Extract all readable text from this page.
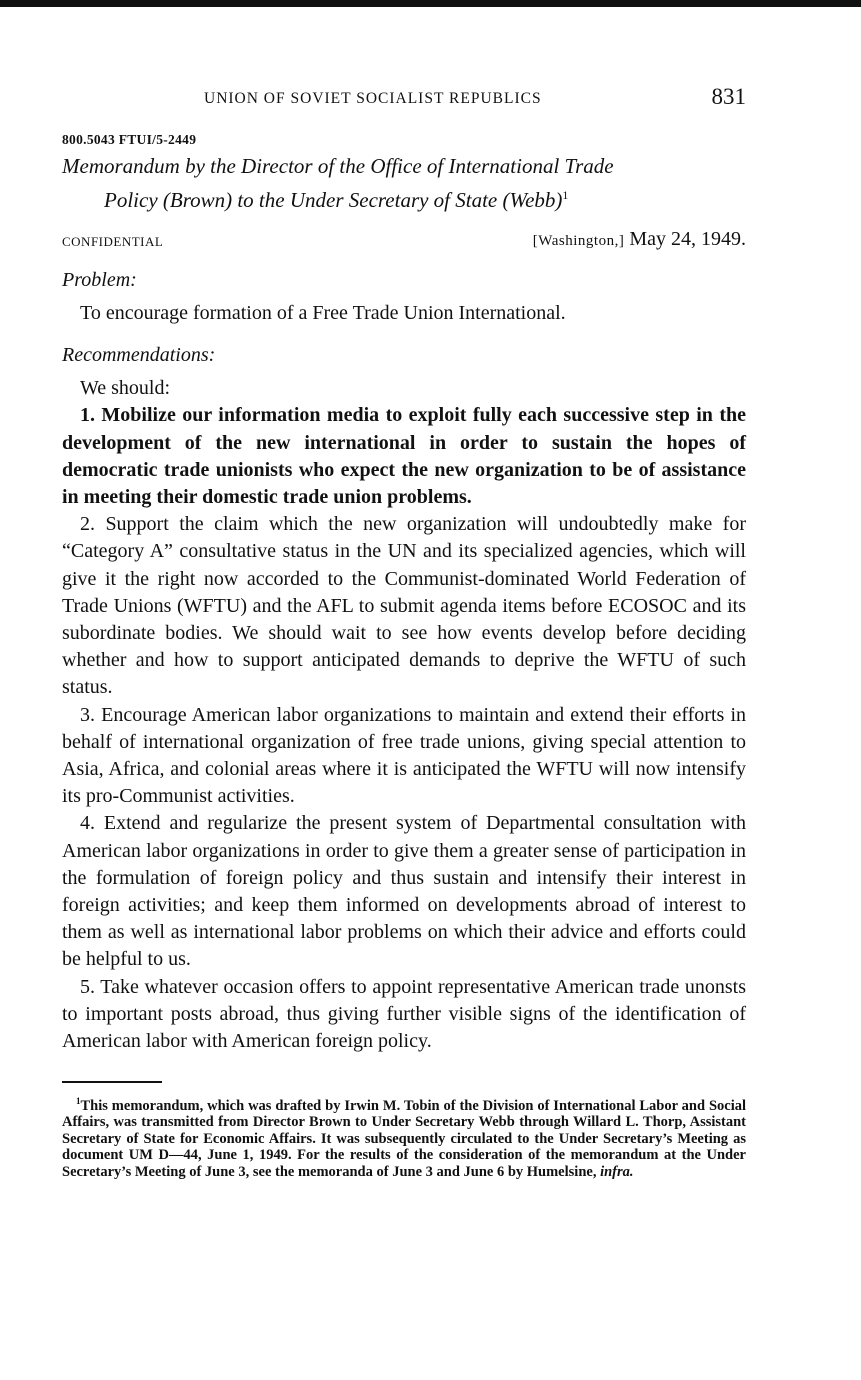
UNION OF SOVIET SOCIALIST REPUBLICS	831
800.5043 FTUI/5-2449
Memorandum by the Director of the Office of International Trade
Policy (Brown) to the Under Secretary of State (Webb)$^1$
CONFIDENTIAL	[Washington,] May 24, 1949.
Problem:

To encourage formation of a Free Trade Union International.

Recommendations:

We should:

1. Mobilize our information media to exploit fully each successive step in the development of the new international in order to sustain the hopes of democratic trade unionists who expect the new organization to be of assistance in meeting their domestic trade union problems.

2. Support the claim which the new organization will undoubtedly make for “Category A” consultative status in the UN and its specialized agencies, which will give it the right now accorded to the Communist-dominated World Federation of Trade Unions (WFTU) and the AFL to submit agenda items before ECOSOC and its subordinate bodies. We should wait to see how events develop before deciding whether and how to support anticipated demands to deprive the WFTU of such status.

3. Encourage American labor organizations to maintain and extend their efforts in behalf of international organization of free trade unions, giving special attention to Asia, Africa, and colonial areas where it is anticipated the WFTU will now intensify its pro-Communist activities.

4. Extend and regularize the present system of Departmental consultation with American labor organizations in order to give them a greater sense of participation in the formulation of foreign policy and thus sustain and intensify their interest in foreign activities; and keep them informed on developments abroad of interest to them as well as international labor problems on which their advice and efforts could be helpful to us.

5. Take whatever occasion offers to appoint representative American trade unonsts to important posts abroad, thus giving further visible signs of the identification of American labor with American foreign policy.

$^1$This memorandum, which was drafted by Irwin M. Tobin of the Division of International Labor and Social Affairs, was transmitted from Director Brown to Under Secretary Webb through Willard L. Thorp, Assistant Secretary of State for Economic Affairs. It was subsequently circulated to the Under Secretary’s Meeting as document UM D—44, June 1, 1949. For the results of the consideration of the memorandum at the Under Secretary’s Meeting of June 3, see the memoranda of June 3 and June 6 by Humelsine, infra.
